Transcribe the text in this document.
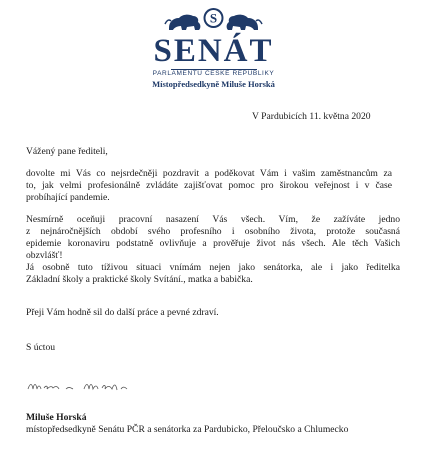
S
SENÁT
PARLAMENTU ČESKÉ REPUBLIKY
Místopředsedkyně Miluše Horská
V Pardubicích 11. května 2020
Vážený pane řediteli,
dovolte mi Vás co nejsrdečněji pozdravit a poděkovat Vám i vašim zaměstnancům za
to, jak velmi profesionálně zvládáte zajišťovat pomoc pro širokou veřejnost i v čase
probíhající pandemie.
Nesmírně oceňuji pracovní nasazení Vás všech. Vím, že zažíváte jedno
z nejnáročnějších období svého profesního i osobního života, protože současná
epidemie koronaviru podstatně ovlivňuje a prověřuje život nás všech. Ale těch Vašich
obzvlášť!
Já osobně tuto tíživou situaci vnímám nejen jako senátorka, ale i jako ředitelka
Základní školy a praktické školy Svítání., matka a babička.
Přeji Vám hodně sil do další práce a pevné zdraví.
S úctou
Miluše Horská
místopředsedkyně Senátu PČR a senátorka za Pardubicko, Přeloučsko a Chlumecko
